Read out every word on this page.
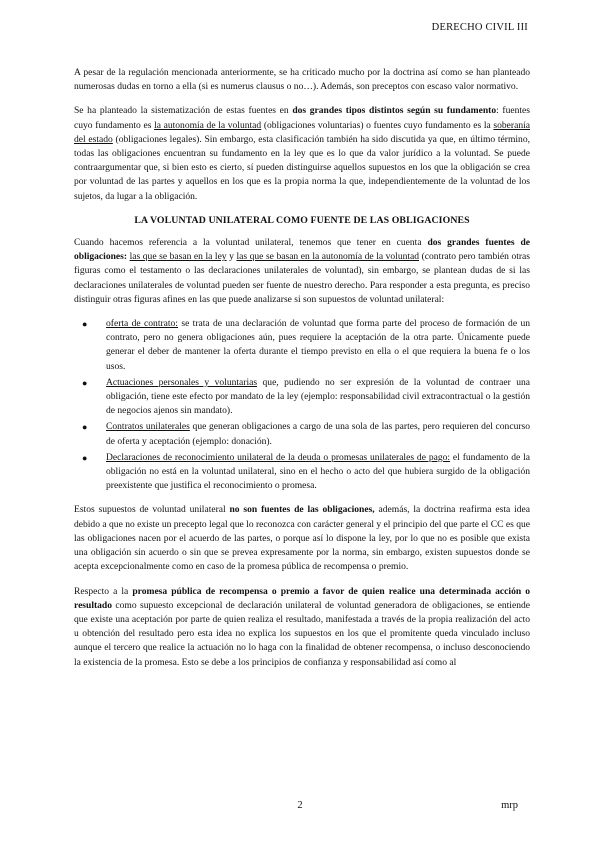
DERECHO CIVIL III

A pesar de la regulación mencionada anteriormente, se ha criticado mucho por la doctrina así como se han planteado numerosas dudas en torno a ella (si es numerus clausus o no…). Además, son preceptos con escaso valor normativo.

Se ha planteado la sistematización de estas fuentes en dos grandes tipos distintos según su fundamento: fuentes cuyo fundamento es la autonomía de la voluntad (obligaciones voluntarias) o fuentes cuyo fundamento es la soberanía del estado (obligaciones legales). Sin embargo, esta clasificación también ha sido discutida ya que, en último término, todas las obligaciones encuentran su fundamento en la ley que es lo que da valor jurídico a la voluntad. Se puede contraargumentar que, si bien esto es cierto, sí pueden distinguirse aquellos supuestos en los que la obligación se crea por voluntad de las partes y aquellos en los que es la propia norma la que, independientemente de la voluntad de los sujetos, da lugar a la obligación.

LA VOLUNTAD UNILATERAL COMO FUENTE DE LAS OBLIGACIONES

Cuando hacemos referencia a la voluntad unilateral, tenemos que tener en cuenta dos grandes fuentes de obligaciones: las que se basan en la ley y las que se basan en la autonomía de la voluntad (contrato pero también otras figuras como el testamento o las declaraciones unilaterales de voluntad), sin embargo, se plantean dudas de si las declaraciones unilaterales de voluntad pueden ser fuente de nuestro derecho. Para responder a esta pregunta, es preciso distinguir otras figuras afines en las que puede analizarse si son supuestos de voluntad unilateral:

● oferta de contrato: se trata de una declaración de voluntad que forma parte del proceso de formación de un contrato, pero no genera obligaciones aún, pues requiere la aceptación de la otra parte. Únicamente puede generar el deber de mantener la oferta durante el tiempo previsto en ella o el que requiera la buena fe o los usos.
● Actuaciones personales y voluntarias que, pudiendo no ser expresión de la voluntad de contraer una obligación, tiene este efecto por mandato de la ley (ejemplo: responsabilidad civil extracontractual o la gestión de negocios ajenos sin mandato).
● Contratos unilaterales que generan obligaciones a cargo de una sola de las partes, pero requieren del concurso de oferta y aceptación (ejemplo: donación).
● Declaraciones de reconocimiento unilateral de la deuda o promesas unilaterales de pago: el fundamento de la obligación no está en la voluntad unilateral, sino en el hecho o acto del que hubiera surgido de la obligación preexistente que justifica el reconocimiento o promesa.

Estos supuestos de voluntad unilateral no son fuentes de las obligaciones, además, la doctrina reafirma esta idea debido a que no existe un precepto legal que lo reconozca con carácter general y el principio del que parte el CC es que las obligaciones nacen por el acuerdo de las partes, o porque así lo dispone la ley, por lo que no es posible que exista una obligación sin acuerdo o sin que se prevea expresamente por la norma, sin embargo, existen supuestos donde se acepta excepcionalmente como en caso de la promesa pública de recompensa o premio.

Respecto a la promesa pública de recompensa o premio a favor de quien realice una determinada acción o resultado como supuesto excepcional de declaración unilateral de voluntad generadora de obligaciones, se entiende que existe una aceptación por parte de quien realiza el resultado, manifestada a través de la propia realización del acto u obtención del resultado pero esta idea no explica los supuestos en los que el promitente queda vinculado incluso aunque el tercero que realice la actuación no lo haga con la finalidad de obtener recompensa, o incluso desconociendo la existencia de la promesa. Esto se debe a los principios de confianza y responsabilidad así como al

2	mrp
